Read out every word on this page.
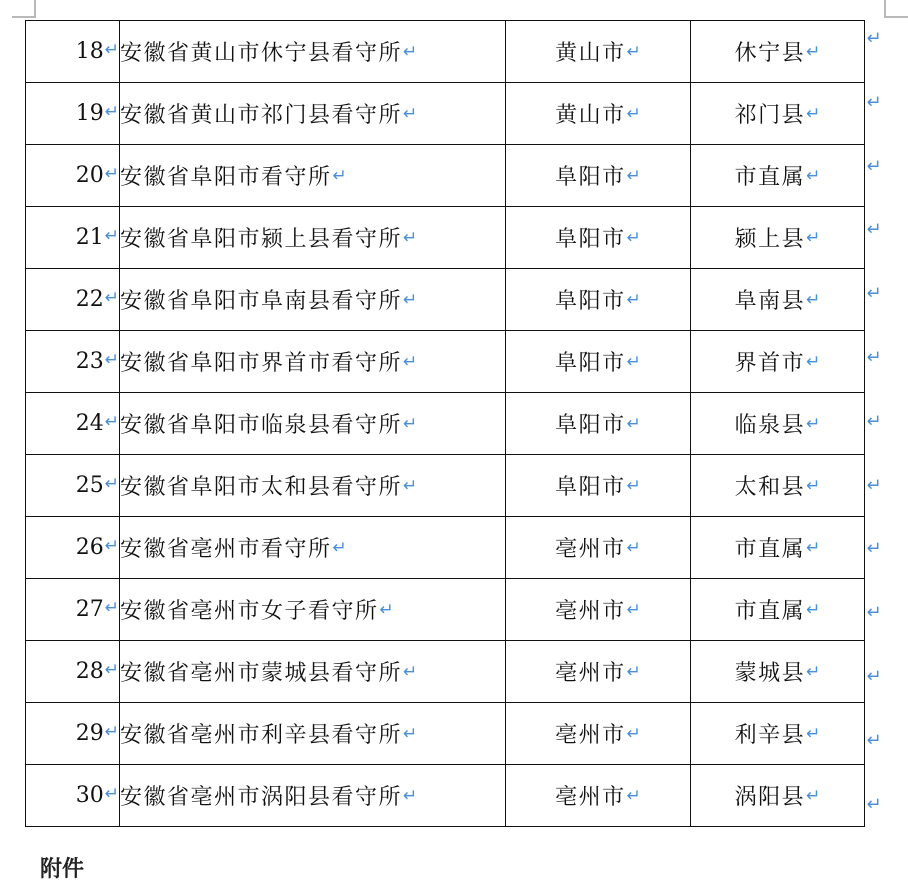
18↵	安徽省黄山市休宁县看守所↵	黄山市↵	休宁县↵
19↵	安徽省黄山市祁门县看守所↵	黄山市↵	祁门县↵
20↵	安徽省阜阳市看守所↵	阜阳市↵	市直属↵
21↵	安徽省阜阳市颍上县看守所↵	阜阳市↵	颍上县↵
22↵	安徽省阜阳市阜南县看守所↵	阜阳市↵	阜南县↵
23↵	安徽省阜阳市界首市看守所↵	阜阳市↵	界首市↵
24↵	安徽省阜阳市临泉县看守所↵	阜阳市↵	临泉县↵
25↵	安徽省阜阳市太和县看守所↵	阜阳市↵	太和县↵
26↵	安徽省亳州市看守所↵	亳州市↵	市直属↵
27↵	安徽省亳州市女子看守所↵	亳州市↵	市直属↵
28↵	安徽省亳州市蒙城县看守所↵	亳州市↵	蒙城县↵
29↵	安徽省亳州市利辛县看守所↵	亳州市↵	利辛县↵
30↵	安徽省亳州市涡阳县看守所↵	亳州市↵	涡阳县↵
↵
↵
↵
↵
↵
↵
↵
↵
↵
↵
↵
↵
↵
附件
